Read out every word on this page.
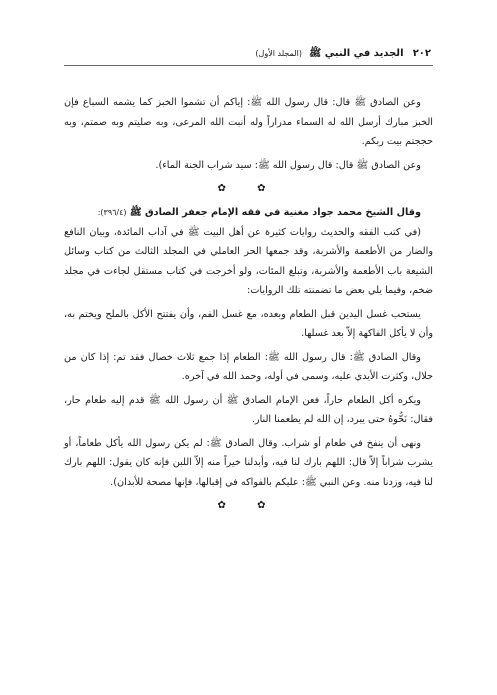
٢٠٢ الجديد في النبي ﷺ (المجلد الأول)

وعن الصادق ﷺ قال: قال رسول الله ﷺ: إياكم أن تشموا الخبز كما يشمه السباع فإن الخبز مبارك أرسل الله له السماء مدراراً وله أنبت الله المرعى، وبه صليتم وبه صمتم، وبه حججتم بيت ربكم.

وعن الصادق ﷺ قال: قال رسول الله ﷺ: سيد شراب الجنة الماء).

✿ ✿

وقال الشيخ محمد جواد مغنية في فقه الإمام جعفر الصادق ﷺ (٣٩٦/٤):

(في كتب الفقه والحديث روايات كثيرة عن أهل البيت ﷺ في آداب المائدة، وبيان النافع والضار من الأطعمة والأشربة، وقد جمعها الحر العاملي في المجلد الثالث من كتاب وسائل الشيعة باب الأطعمة والأشربة، وتبلغ المئات، ولو أخرجت في كتاب مستقل لجاءت في مجلد ضخم، وفيما يلي بعض ما تضمنته تلك الروايات:

يستحب غسل اليدين قبل الطعام وبعده، مع غسل الفم، وأن يفتتح الأكل بالملح ويختم به، وأن لا يأكل الفاكهة إلاّ بعد غسلها.

وقال الصادق ﷺ: قال رسول الله ﷺ: الطعام إذا جمع ثلاث خصال فقد تم: إذا كان من حلال، وكثرت الأيدي عليه، وسمى في أوله، وحمد الله في آخره.

ويكره أكل الطعام حاراً، فعن الإمام الصادق ﷺ أن رسول الله ﷺ قدم إليه طعام حار، فقال: نَحُّوهُ حتى يبرد، إن الله لم يطعمنا النار.

ونهى أن ينفخ في طعام أو شراب. وقال الصادق ﷺ: لم يكن رسول الله يأكل طعاماً، أو يشرب شراباً إلاّ قال: اللهم بارك لنا فيه، وأبدلنا خيراً منه إلاّ اللبن فإنه كان يقول: اللهم بارك لنا فيه، وزدنا منه. وعن النبي ﷺ: عليكم بالفواكه في إقبالها، فإنها مصحة للأبدان).

✿ ✿
